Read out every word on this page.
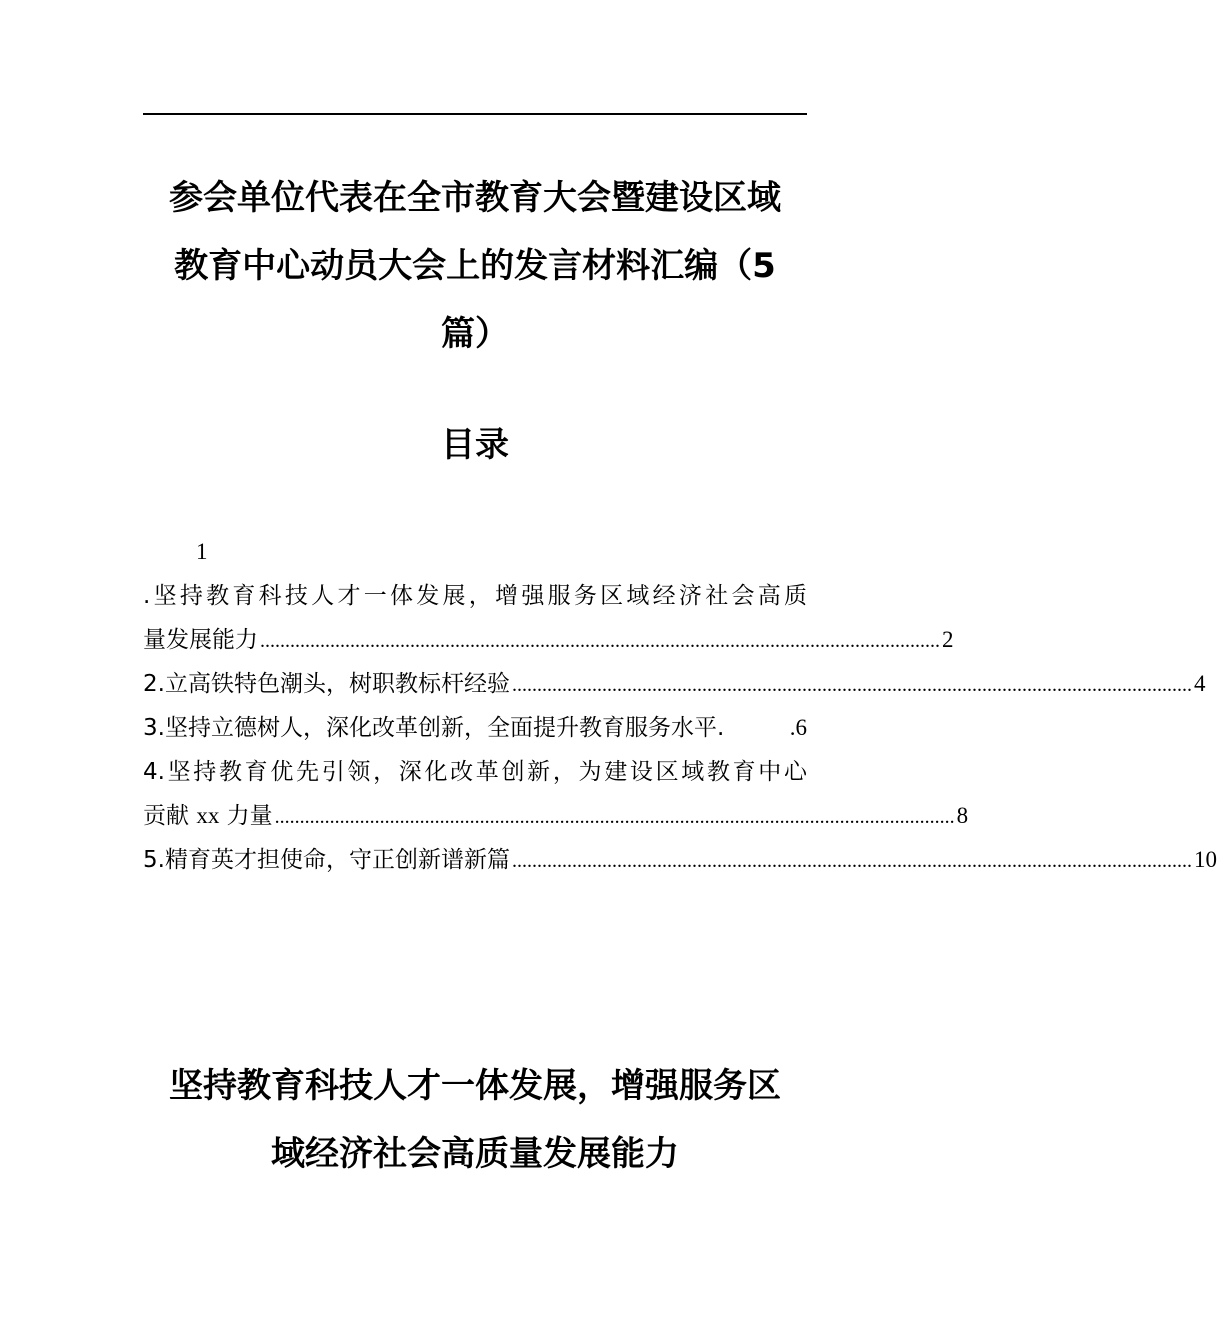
参会单位代表在全市教育大会暨建设区域
教育中心动员大会上的发言材料汇编（5
篇）
目录
1
.坚持教育科技人才一体发展，增强服务区域经济社会高质
量发展能力 ........................................................................................................................................ 2
2.立高铁特色潮头，树职教标杆经验 ........................................................................................................................................ 4
3.坚持立德树人，深化改革创新，全面提升教育服务水平.	.6
4.坚持教育优先引领，深化改革创新，为建设区域教育中心
贡献 xx 力量 ........................................................................................................................................ 8
5.精育英才担使命，守正创新谱新篇 ........................................................................................................................................ 10
坚持教育科技人才一体发展，增强服务区
域经济社会高质量发展能力
